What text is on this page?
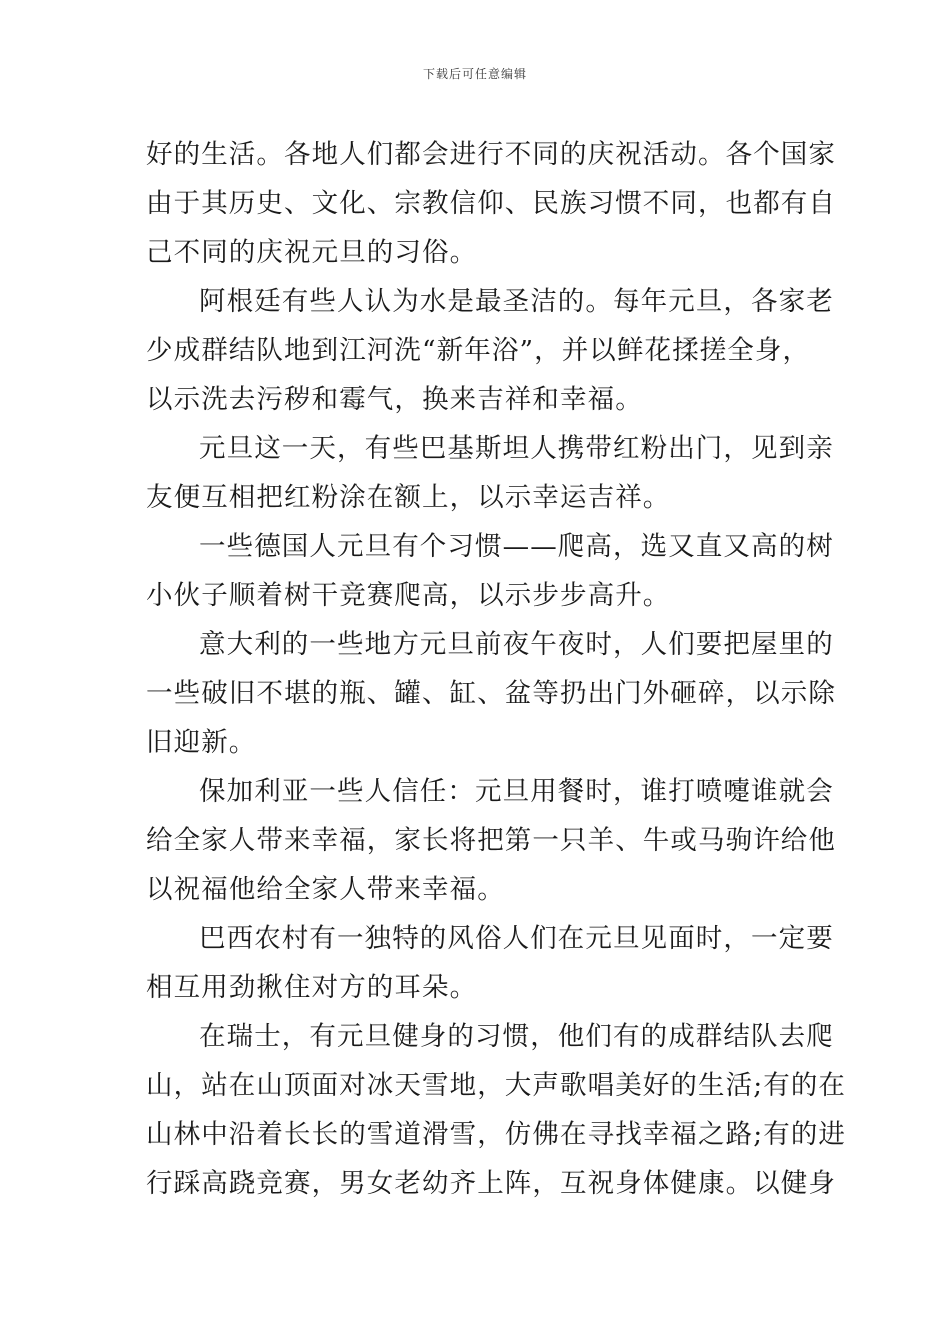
下载后可任意编辑

好的生活。各地人们都会进行不同的庆祝活动。各个国家
由于其历史、文化、宗教信仰、民族习惯不同，也都有自
己不同的庆祝元旦的习俗。

阿根廷有些人认为水是最圣洁的。每年元旦，各家老
少成群结队地到江河洗“新年浴”，并以鲜花揉搓全身，
以示洗去污秽和霉气，换来吉祥和幸福。

元旦这一天，有些巴基斯坦人携带红粉出门，见到亲
友便互相把红粉涂在额上，以示幸运吉祥。

一些德国人元旦有个习惯——爬高，选又直又高的树
小伙子顺着树干竞赛爬高，以示步步高升。

意大利的一些地方元旦前夜午夜时，人们要把屋里的
一些破旧不堪的瓶、罐、缸、盆等扔出门外砸碎，以示除
旧迎新。

保加利亚一些人信任：元旦用餐时，谁打喷嚏谁就会
给全家人带来幸福，家长将把第一只羊、牛或马驹许给他
以祝福他给全家人带来幸福。

巴西农村有一独特的风俗人们在元旦见面时，一定要
相互用劲揪住对方的耳朵。

在瑞士，有元旦健身的习惯，他们有的成群结队去爬
山，站在山顶面对冰天雪地，大声歌唱美好的生活;有的在
山林中沿着长长的雪道滑雪，仿佛在寻找幸福之路;有的进
行踩高跷竞赛，男女老幼齐上阵，互祝身体健康。以健身
